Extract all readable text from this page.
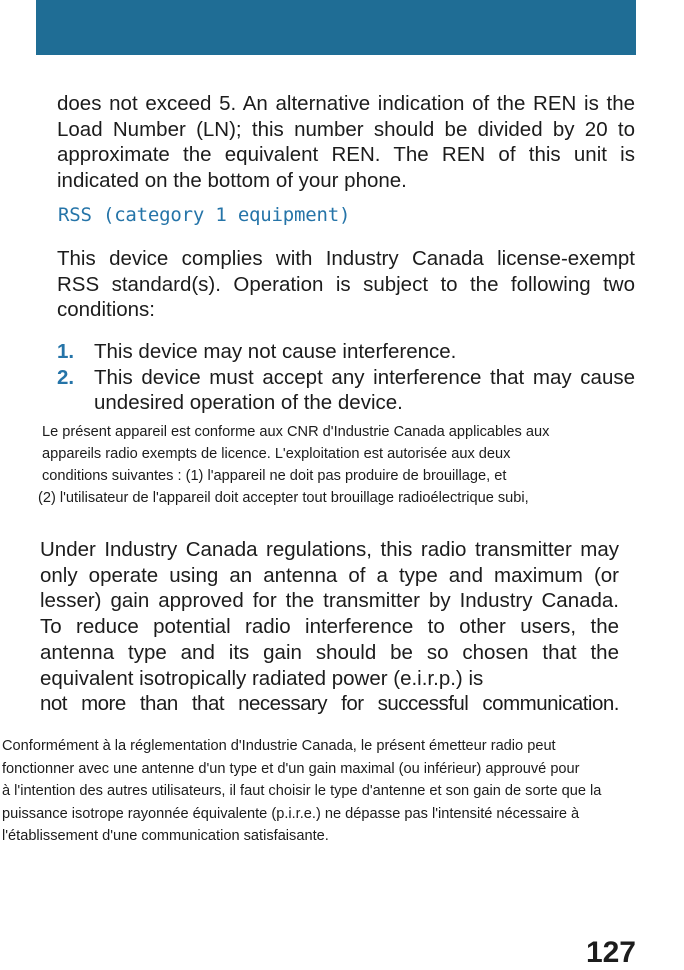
does not exceed 5. An alternative indication of the REN is the Load Number (LN); this number should be divided by 20 to approximate the equivalent REN. The REN of this unit is indicated on the bottom of your phone.

RSS (category 1 equipment)

This device complies with Industry Canada license-exempt RSS standard(s). Operation is subject to the following two conditions:

1. This device may not cause interference.
2. This device must accept any interference that may cause undesired operation of the device.
Le présent appareil est conforme aux CNR d'Industrie Canada applicables aux
appareils radio exempts de licence. L'exploitation est autorisée aux deux
conditions suivantes : (1) l'appareil ne doit pas produire de brouillage, et
(2) l'utilisateur de l'appareil doit accepter tout brouillage radioélectrique subi,

Under Industry Canada regulations, this radio transmitter may only operate using an antenna of a type and maximum (or lesser) gain approved for the transmitter by Industry Canada. To reduce potential radio interference to other users, the antenna type and its gain should be so chosen that the equivalent isotropically radiated power (e.i.r.p.) is
not more than that necessary for successful communication.

Conformément à la réglementation d'Industrie Canada, le présent émetteur radio peut
fonctionner avec une antenne d'un type et d'un gain maximal (ou inférieur) approuvé pour
à l'intention des autres utilisateurs, il faut choisir le type d'antenne et son gain de sorte que la
puissance isotrope rayonnée équivalente (p.i.r.e.) ne dépasse pas l'intensité nécessaire à
l'établissement d'une communication satisfaisante.
127
